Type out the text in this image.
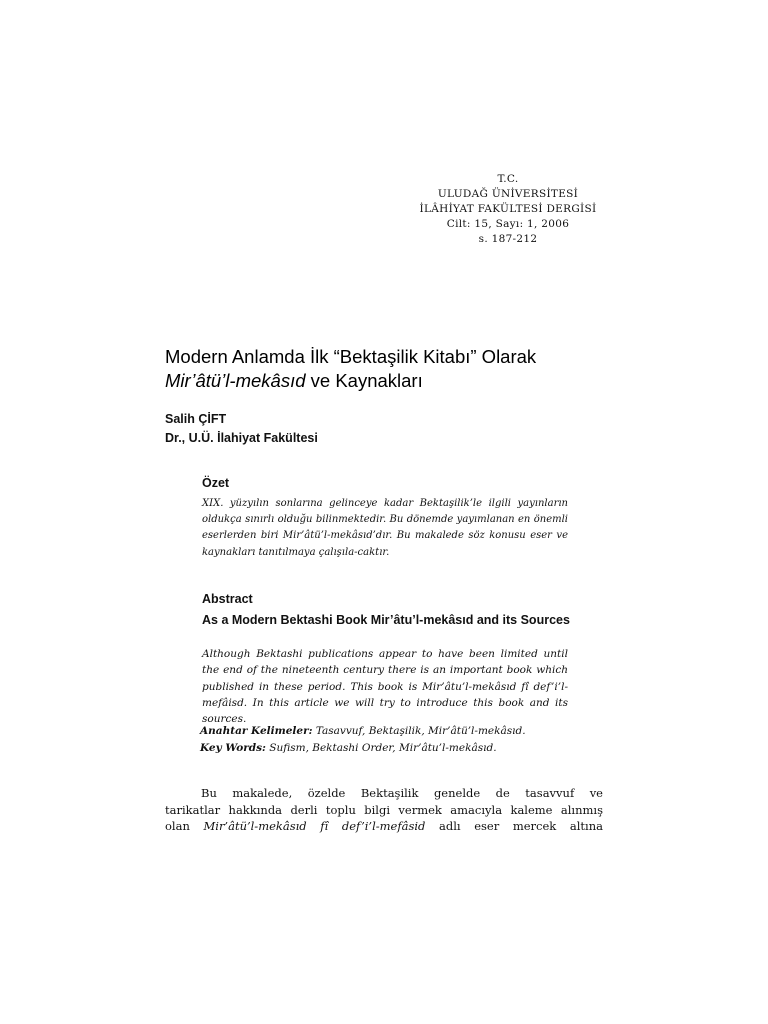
T.C.
ULUDAĞ ÜNİVERSİTESİ
İLÂHİYAT FAKÜLTESİ DERGİSİ
Cilt: 15, Sayı: 1, 2006
s. 187-212
Modern Anlamda İlk “Bektaşilik Kitabı” Olarak
Mir’âtü’l-mekâsıd ve Kaynakları
Salih ÇİFT
Dr., U.Ü. İlahiyat Fakültesi
Özet
XIX. yüzyılın sonlarına gelinceye kadar Bektaşilik’le ilgili yayınların oldukça sınırlı olduğu bilinmektedir. Bu dönemde yayımlanan en önemli eserlerden biri Mir’âtü’l-mekâsıd’dır. Bu makalede söz konusu eser ve kaynakları tanıtılmaya çalışıla-caktır.
Abstract
As a Modern Bektashi Book Mir’âtu’l-mekâsıd and its Sources
Although Bektashi publications appear to have been limited until the end of the nineteenth century there is an important book which published in these period. This book is Mir’âtu’l-mekâsıd fî def’i’l-mefâisd. In this article we will try to introduce this book and its sources.
Anahtar Kelimeler: Tasavvuf, Bektaşilik, Mir’âtü’l-mekâsıd.
Key Words: Sufism, Bektashi Order, Mir’âtu’l-mekâsıd.
Bu makalede, özelde Bektaşilik genelde de tasavvuf ve
tarikatlar hakkında derli toplu bilgi vermek amacıyla kaleme alınmış
olan Mir’âtü’l-mekâsıd fî def’i’l-mefâsid adlı eser mercek altına
